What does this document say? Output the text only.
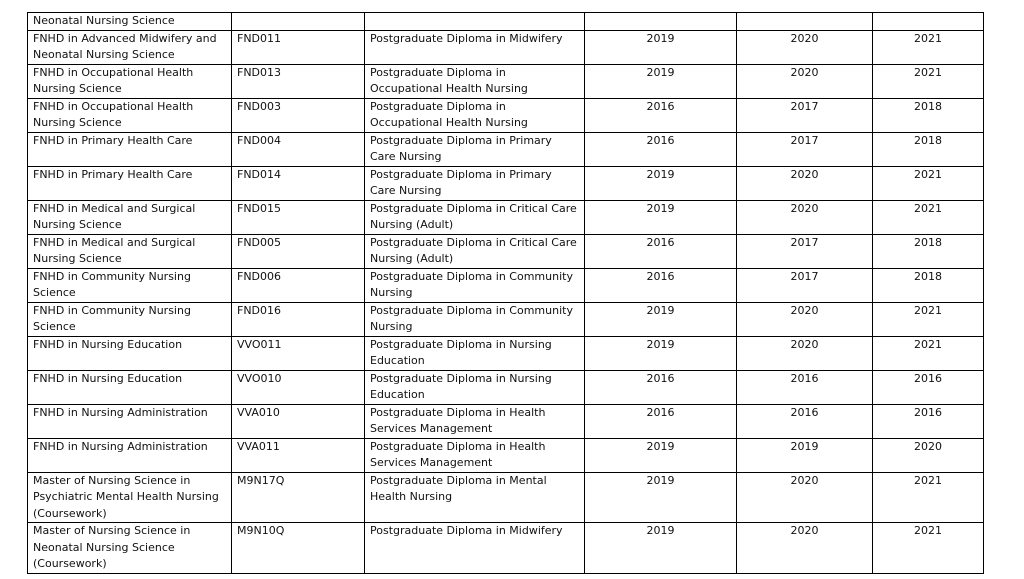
Neonatal Nursing Science					
FNHD in Advanced Midwifery and Neonatal Nursing Science	FND011	Postgraduate Diploma in Midwifery	2019	2020	2021
FNHD in Occupational Health Nursing Science	FND013	Postgraduate Diploma in Occupational Health Nursing	2019	2020	2021
FNHD in Occupational Health Nursing Science	FND003	Postgraduate Diploma in Occupational Health Nursing	2016	2017	2018
FNHD in Primary Health Care	FND004	Postgraduate Diploma in Primary Care Nursing	2016	2017	2018
FNHD in Primary Health Care	FND014	Postgraduate Diploma in Primary Care Nursing	2019	2020	2021
FNHD in Medical and Surgical Nursing Science	FND015	Postgraduate Diploma in Critical Care Nursing (Adult)	2019	2020	2021
FNHD in Medical and Surgical Nursing Science	FND005	Postgraduate Diploma in Critical Care Nursing (Adult)	2016	2017	2018
FNHD in Community Nursing Science	FND006	Postgraduate Diploma in Community Nursing	2016	2017	2018
FNHD in Community Nursing Science	FND016	Postgraduate Diploma in Community Nursing	2019	2020	2021
FNHD in Nursing Education	VVO011	Postgraduate Diploma in Nursing Education	2019	2020	2021
FNHD in Nursing Education	VVO010	Postgraduate Diploma in Nursing Education	2016	2016	2016
FNHD in Nursing Administration	VVA010	Postgraduate Diploma in Health Services Management	2016	2016	2016
FNHD in Nursing Administration	VVA011	Postgraduate Diploma in Health Services Management	2019	2019	2020
Master of Nursing Science in Psychiatric Mental Health Nursing (Coursework)	M9N17Q	Postgraduate Diploma in Mental Health Nursing	2019	2020	2021
Master of Nursing Science in Neonatal Nursing Science (Coursework)	M9N10Q	Postgraduate Diploma in Midwifery	2019	2020	2021
